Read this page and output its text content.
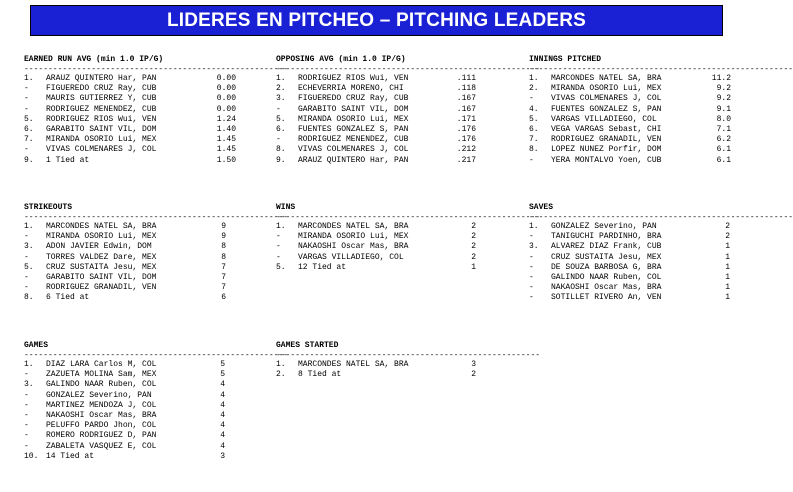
LIDERES EN PITCHEO – PITCHING LEADERS
EARNED RUN AVG (min 1.0 IP/G)
-------------------------------------------------------
1. ARAUZ QUINTERO Har, PAN	0.00
- FIGUEREDO CRUZ Ray, CUB	0.00
- MAURIS GUTIERREZ Y, CUB	0.00
- RODRIGUEZ MENENDEZ, CUB	0.00
5. RODRIGUEZ RIOS Wui, VEN	1.24
6. GARABITO SAINT VIL, DOM	1.40
7. MIRANDA OSORIO Lui, MEX	1.45
- VIVAS COLMENARES J, COL	1.45
9. 1 Tied at	1.50
OPPOSING AVG (min 1.0 IP/G)
-------------------------------------------------------
1. RODRIGUEZ RIOS Wui, VEN	.111
2. ECHEVERRIA MORENO, CHI	.118
3. FIGUEREDO CRUZ Ray, CUB	.167
- GARABITO SAINT VIL, DOM	.167
5. MIRANDA OSORIO Lui, MEX	.171
6. FUENTES GONZALEZ S, PAN	.176
- RODRIGUEZ MENENDEZ, CUB	.176
8. VIVAS COLMENARES J, COL	.212
9. ARAUZ QUINTERO Har, PAN	.217
INNINGS PITCHED
-------------------------------------------------------
1. MARCONDES NATEL SA, BRA	11.2
2. MIRANDA OSORIO Lui, MEX	9.2
- VIVAS COLMENARES J, COL	9.2
4. FUENTES GONZALEZ S, PAN	9.1
5. VARGAS VILLADIEGO, COL	8.0
6. VEGA VARGAS Sebast, CHI	7.1
7. RODRIGUEZ GRANADIL, VEN	6.2
8. LOPEZ NUNEZ Porfir, DOM	6.1
- YERA MONTALVO Yoen, CUB	6.1
STRIKEOUTS
-------------------------------------------------------
1. MARCONDES NATEL SA, BRA	9
- MIRANDA OSORIO Lui, MEX	9
3. ADON JAVIER Edwin, DOM	8
- TORRES VALDEZ Dare, MEX	8
5. CRUZ SUSTAITA Jesu, MEX	7
- GARABITO SAINT VIL, DOM	7
- RODRIGUEZ GRANADIL, VEN	7
8. 6 Tied at	6
WINS
-------------------------------------------------------
1. MARCONDES NATEL SA, BRA	2
- MIRANDA OSORIO Lui, MEX	2
- NAKAOSHI Oscar Mas, BRA	2
- VARGAS VILLADIEGO, COL	2
5. 12 Tied at	1
SAVES
-------------------------------------------------------
1. GONZALEZ Severino, PAN	2
- TANIGUCHI PARDINHO, BRA	2
3. ALVAREZ DIAZ Frank, CUB	1
- CRUZ SUSTAITA Jesu, MEX	1
- DE SOUZA BARBOSA G, BRA	1
- GALINDO NAAR Ruben, COL	1
- NAKAOSHI Oscar Mas, BRA	1
- SOTILLET RIVERO An, VEN	1
GAMES
-------------------------------------------------------
1. DIAZ LARA Carlos M, COL	5
- ZAZUETA MOLINA Sam, MEX	5
3. GALINDO NAAR Ruben, COL	4
- GONZALEZ Severino, PAN	4
- MARTINEZ MENDOZA J, COL	4
- NAKAOSHI Oscar Mas, BRA	4
- PELUFFO PARDO Jhon, COL	4
- ROMERO RODRIGUEZ D, PAN	4
- ZABALETA VASQUEZ E, COL	4
10. 14 Tied at	3
GAMES STARTED
-------------------------------------------------------
1. MARCONDES NATEL SA, BRA	3
2. 8 Tied at	2
